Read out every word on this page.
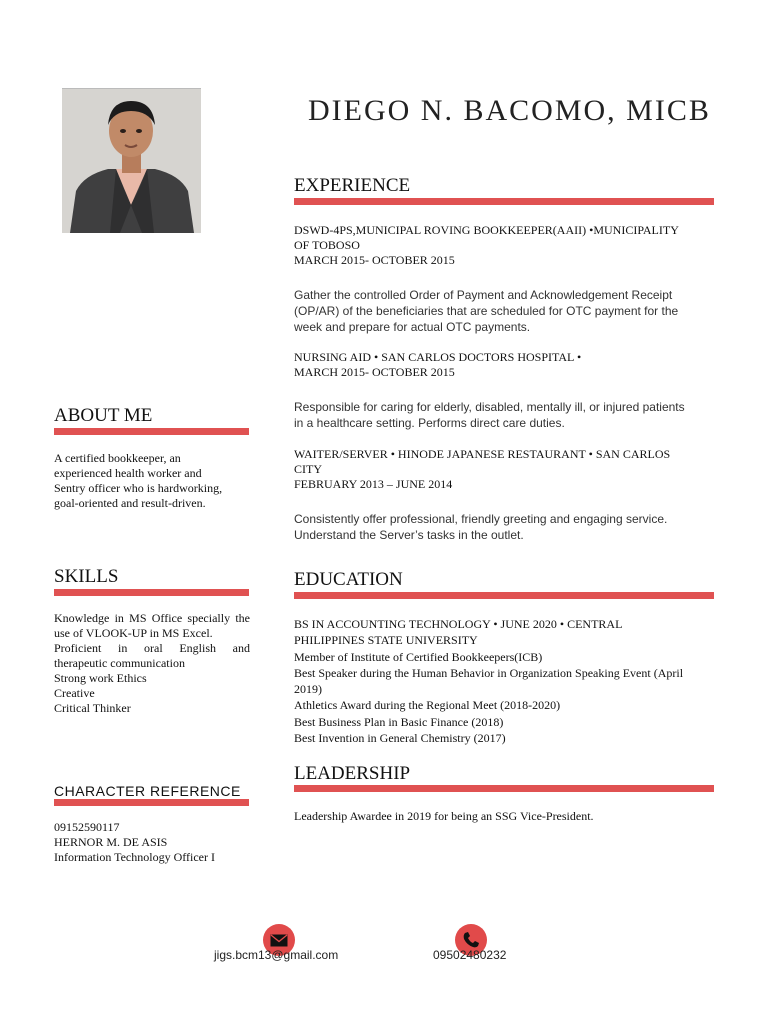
DIEGO N. BACOMO, MICB
ABOUT ME
A certified bookkeeper, an
experienced health worker and
Sentry officer who is hardworking,
goal-oriented and result-driven.
SKILLS
Knowledge in MS Office specially the
use of VLOOK-UP in MS Excel.
Proficient in oral English and
therapeutic communication
Strong work Ethics
Creative
Critical Thinker
CHARACTER REFERENCE
09152590117
HERNOR M. DE ASIS
Information Technology Officer I
EXPERIENCE
DSWD-4PS,MUNICIPAL ROVING BOOKKEEPER(AAII) •MUNICIPALITY
OF TOBOSO
MARCH 2015- OCTOBER 2015
Gather the controlled Order of Payment and Acknowledgement Receipt
(OP/AR) of the beneficiaries that are scheduled for OTC payment for the
week and prepare for actual OTC payments.
NURSING AID • SAN CARLOS DOCTORS HOSPITAL •
MARCH 2015- OCTOBER 2015
Responsible for caring for elderly, disabled, mentally ill, or injured patients
in a healthcare setting. Performs direct care duties.
WAITER/SERVER • HINODE JAPANESE RESTAURANT • SAN CARLOS
CITY
FEBRUARY 2013 – JUNE 2014
Consistently offer professional, friendly greeting and engaging service.
Understand the Server’s tasks in the outlet.
EDUCATION
BS IN ACCOUNTING TECHNOLOGY • JUNE 2020 • CENTRAL
PHILIPPINES STATE UNIVERSITY
Member of Institute of Certified Bookkeepers(ICB)
Best Speaker during the Human Behavior in Organization Speaking Event (April
2019)
Athletics Award during the Regional Meet (2018-2020)
Best Business Plan in Basic Finance (2018)
Best Invention in General Chemistry (2017)
LEADERSHIP
Leadership Awardee in 2019 for being an SSG Vice-President.
jigs.bcm13@gmail.com	09502480232
